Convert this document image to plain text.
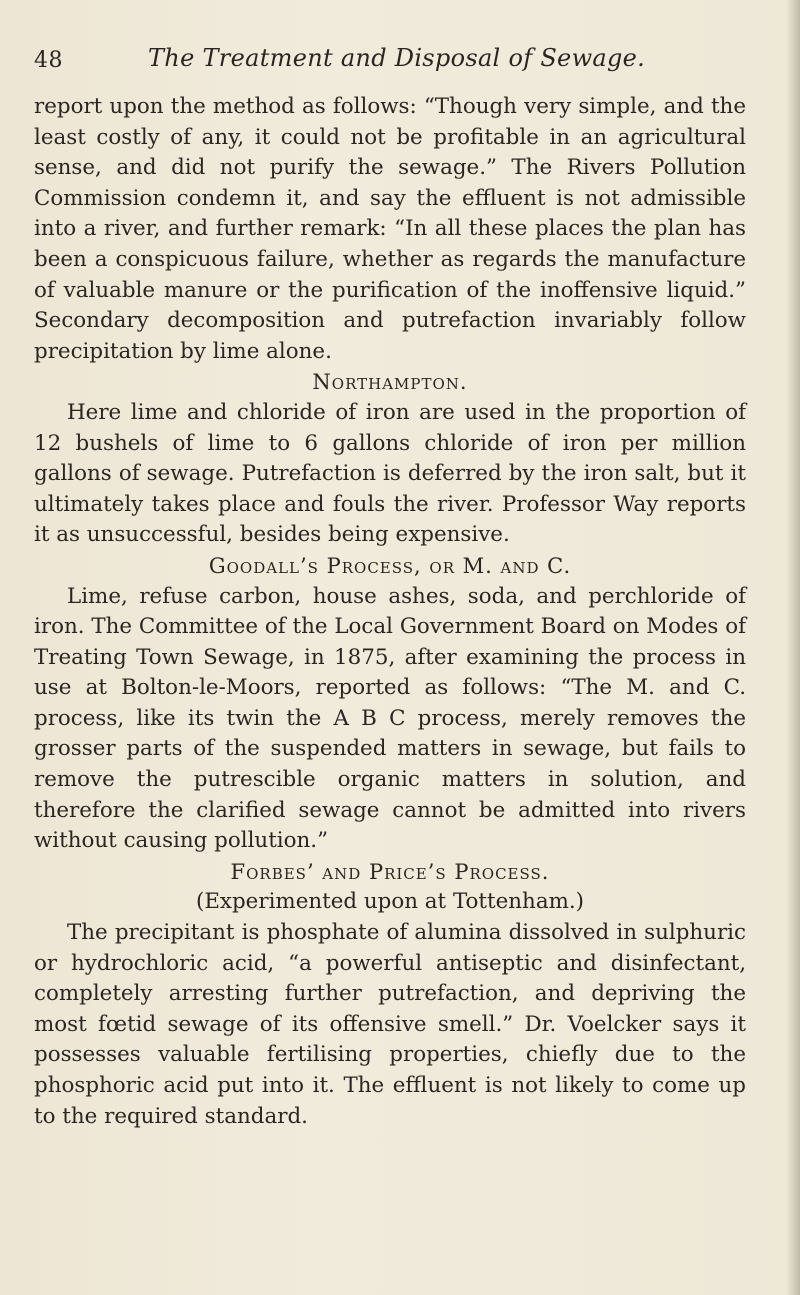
48	The Treatment and Disposal of Sewage.

report upon the method as follows: “Though very simple, and the least costly of any, it could not be profitable in an agricultural sense, and did not purify the sewage.” The Rivers Pollution Commission condemn it, and say the effluent is not admissible into a river, and further remark: “In all these places the plan has been a conspicuous failure, whether as regards the manufacture of valuable manure or the purification of the inoffensive liquid.” Secondary decomposition and putrefaction invariably follow precipitation by lime alone.

Northampton.

Here lime and chloride of iron are used in the proportion of 12 bushels of lime to 6 gallons chloride of iron per million gallons of sewage. Putrefaction is deferred by the iron salt, but it ultimately takes place and fouls the river. Professor Way reports it as unsuccessful, besides being expensive.

Goodall’s Process, or M. and C.

Lime, refuse carbon, house ashes, soda, and perchloride of iron. The Committee of the Local Government Board on Modes of Treating Town Sewage, in 1875, after examining the process in use at Bolton-le-Moors, reported as follows: “The M. and C. process, like its twin the A B C process, merely removes the grosser parts of the suspended matters in sewage, but fails to remove the putrescible organic matters in solution, and therefore the clarified sewage cannot be admitted into rivers without causing pollution.”

Forbes’ and Price’s Process.

(Experimented upon at Tottenham.)

The precipitant is phosphate of alumina dissolved in sulphuric or hydrochloric acid, “a powerful antiseptic and disinfectant, completely arresting further putrefaction, and depriving the most fœtid sewage of its offensive smell.” Dr. Voelcker says it possesses valuable fertilising properties, chiefly due to the phosphoric acid put into it. The effluent is not likely to come up to the required standard.
